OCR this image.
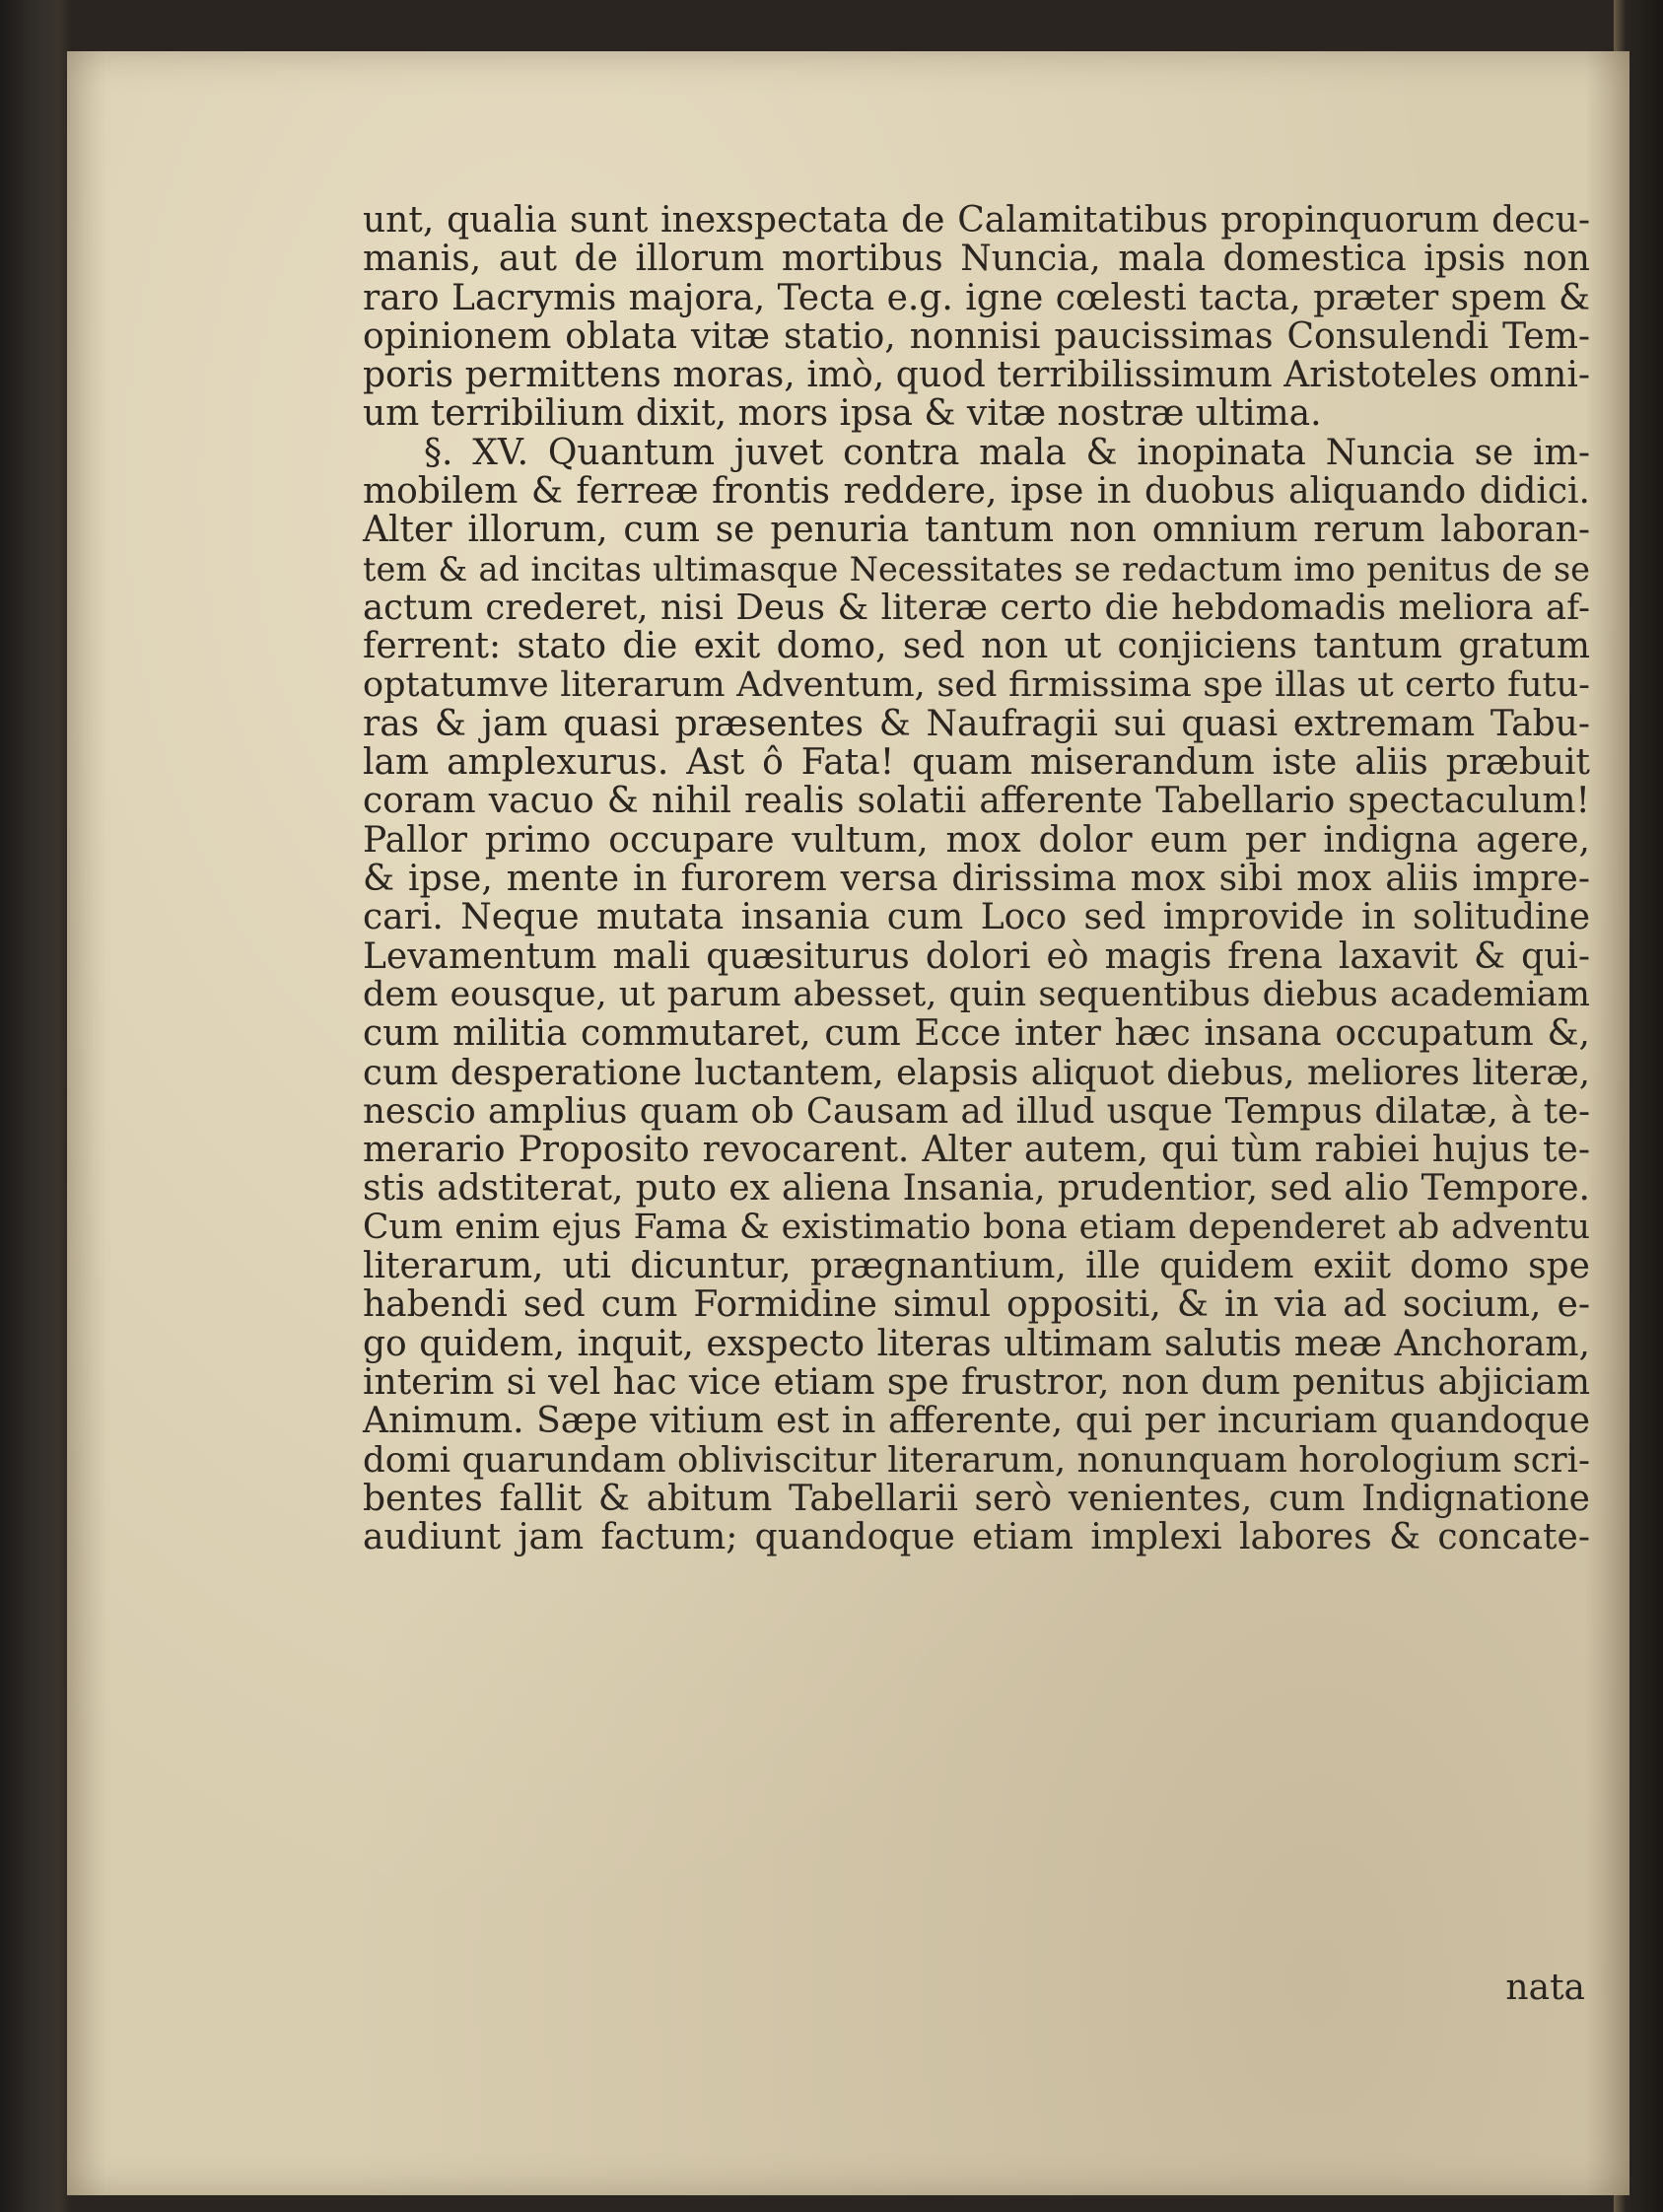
unt, qualia sunt inexspectata de Calamitatibus propinquorum decu-
manis, aut de illorum mortibus Nuncia, mala domestica ipsis non
raro Lacrymis majora, Tecta e.g. igne cœlesti tacta, præter spem &
opinionem oblata vitæ statio, nonnisi paucissimas Consulendi Tem-
poris permittens moras, imò, quod terribilissimum Aristoteles omni-
um terribilium dixit, mors ipsa & vitæ nostræ ultima.
§. XV. Quantum juvet contra mala & inopinata Nuncia se im-
mobilem & ferreæ frontis reddere, ipse in duobus aliquando didici.
Alter illorum, cum se penuria tantum non omnium rerum laboran-
tem & ad incitas ultimasque Necessitates se redactum imo penitus de se
actum crederet, nisi Deus & literæ certo die hebdomadis meliora af-
ferrent: stato die exit domo, sed non ut conjiciens tantum gratum
optatumve literarum Adventum, sed firmissima spe illas ut certo futu-
ras & jam quasi præsentes & Naufragii sui quasi extremam Tabu-
lam amplexurus. Ast ô Fata! quam miserandum iste aliis præbuit
coram vacuo & nihil realis solatii afferente Tabellario spectaculum!
Pallor primo occupare vultum, mox dolor eum per indigna agere,
& ipse, mente in furorem versa dirissima mox sibi mox aliis impre-
cari. Neque mutata insania cum Loco sed improvide in solitudine
Levamentum mali quæsiturus dolori eò magis frena laxavit & qui-
dem eousque, ut parum abesset, quin sequentibus diebus academiam
cum militia commutaret, cum Ecce inter hæc insana occupatum &,
cum desperatione luctantem, elapsis aliquot diebus, meliores literæ,
nescio amplius quam ob Causam ad illud usque Tempus dilatæ, à te-
merario Proposito revocarent. Alter autem, qui tùm rabiei hujus te-
stis adstiterat, puto ex aliena Insania, prudentior, sed alio Tempore.
Cum enim ejus Fama & existimatio bona etiam dependeret ab adventu
literarum, uti dicuntur, prægnantium, ille quidem exiit domo spe
habendi sed cum Formidine simul oppositi, & in via ad socium, e-
go quidem, inquit, exspecto literas ultimam salutis meæ Anchoram,
interim si vel hac vice etiam spe frustror, non dum penitus abjiciam
Animum. Sæpe vitium est in afferente, qui per incuriam quandoque
domi quarundam obliviscitur literarum, nonunquam horologium scri-
bentes fallit & abitum Tabellarii serò venientes, cum Indignatione
audiunt jam factum; quandoque etiam implexi labores & concate-
nata
